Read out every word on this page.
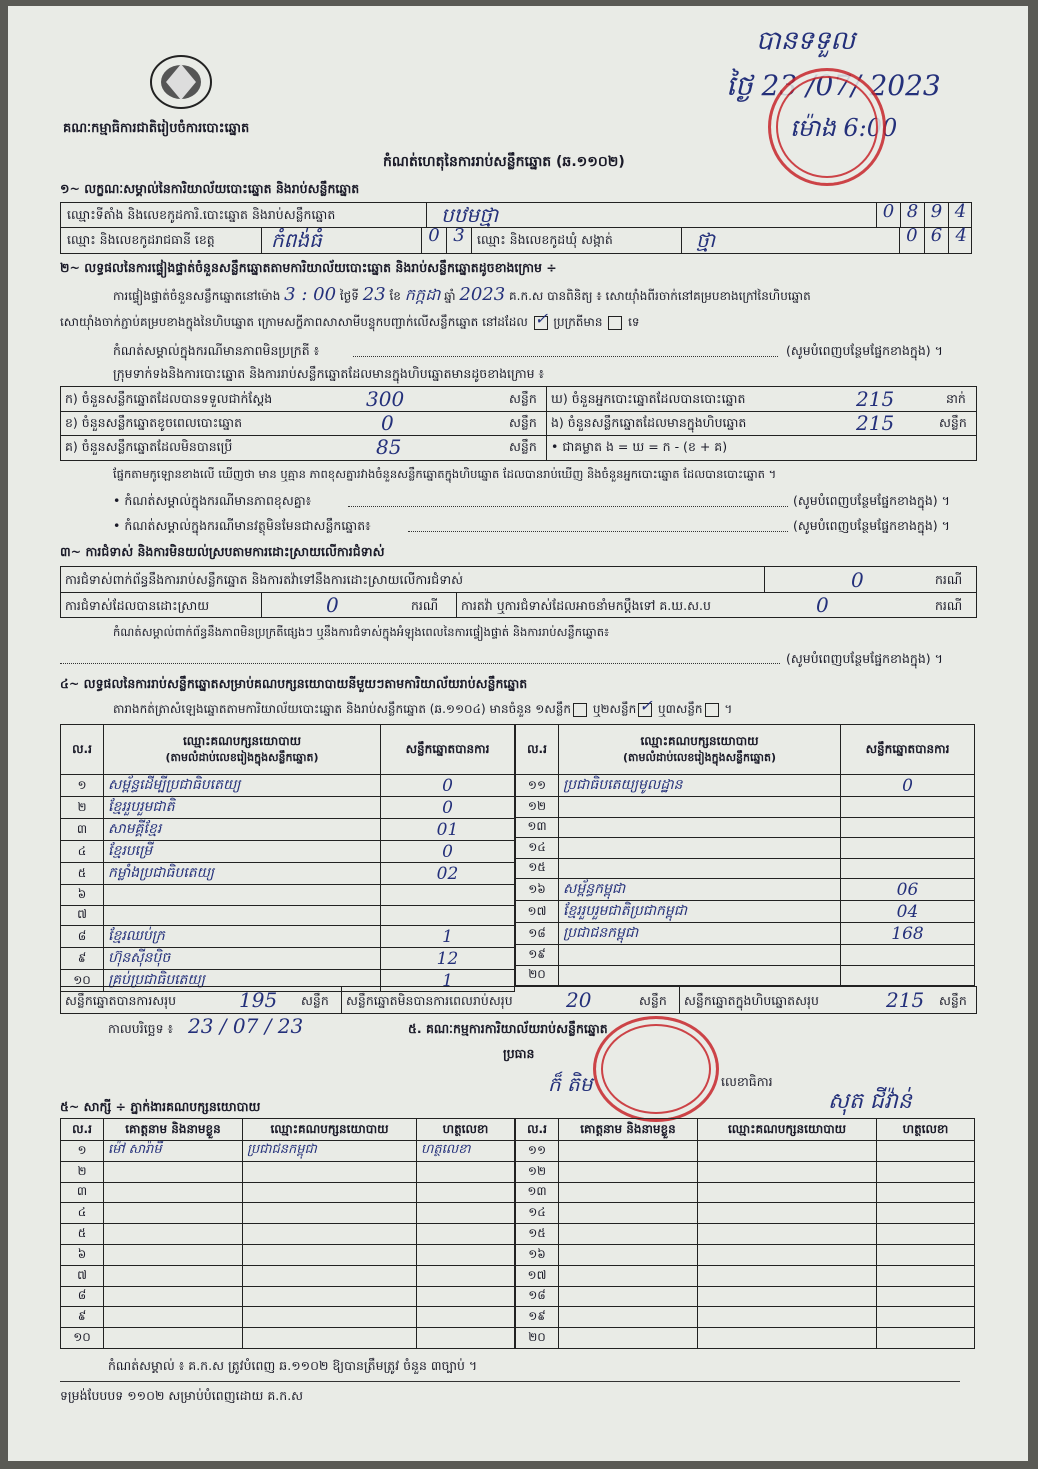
គណៈកម្មាធិការជាតិរៀបចំការបោះឆ្នោត
កំណត់ហេតុនៃការរាប់សន្លឹកឆ្នោត (ឆ.១១០២)
បានទទួល
ថ្ងៃ 23 /07/ 2023
ម៉ោង 6:00
១~ លក្ខណៈសម្គាល់នៃការិយាល័យបោះឆ្នោត និងរាប់សន្លឹកឆ្នោត
ឈ្មោះទីតាំង និងលេខកូដការិ.បោះឆ្នោត និងរាប់សន្លឹកឆ្នោត	បឋមថ្មា	0 8 9 4
ឈ្មោះ និងលេខកូដរាជធានី ខេត្ត	កំពង់ធំ	0 3 ឈ្មោះ និងលេខកូដឃុំ សង្កាត់	ថ្មា	0 6 4
២~ លទ្ធផលនៃការផ្ទៀងផ្ទាត់ចំនួនសន្លឹកឆ្នោតតាមការិយាល័យបោះឆ្នោត និងរាប់សន្លឹកឆ្នោតដូចខាងក្រោម ÷
ការផ្ទៀងផ្ទាត់ចំនួនសន្លឹកឆ្នោតនៅម៉ោង 3 : 00 ថ្ងៃទី 23 ខែ កក្កដា ឆ្នាំ 2023 គ.ក.ស បានពិនិត្យ ៖ សោយ៉ាំងពីរចាក់នៅគម្របខាងក្រៅនៃហិបឆ្នោត
សោយ៉ាំងចាក់ភ្ជាប់គម្របខាងក្នុងនៃហិបឆ្នោត ក្រោមសក្ខីភាពសាសាមីបន្ទុកបញ្ជាក់លើសន្លឹកឆ្នោត នៅដដែល ✓ ប្រក្រតីមាន ទេ
កំណត់សម្គាល់ក្នុងករណីមានភាពមិនប្រក្រតី ៖	(សូមបំពេញបន្ថែមផ្នែកខាងក្នុង) ។
ក្រុមទាក់ទងនិងការបោះឆ្នោត និងការរាប់សន្លឹកឆ្នោតដែលមានក្នុងហិបឆ្នោតមានដូចខាងក្រោម ៖
ក) ចំនួនសន្លឹកឆ្នោតដែលបានទទួលជាក់ស្តែង	300	សន្លឹក ឃ) ចំនួនអ្នកបោះឆ្នោតដែលបានបោះឆ្នោត	215	នាក់
ខ) ចំនួនសន្លឹកឆ្នោតខូចពេលបោះឆ្នោត	0	សន្លឹក ង) ចំនួនសន្លឹកឆ្នោតដែលមានក្នុងហិបឆ្នោត	215	សន្លឹក
គ) ចំនួនសន្លឹកឆ្នោតដែលមិនបានប្រើ	85	សន្លឹក • ជាគម្លាត ង = ឃ = ក - (ខ + គ)
ផ្នែកតាមកូឡោនខាងលើ ឃើញថា មាន ឬគ្មាន ភាពខុសគ្នារវាងចំនួនសន្លឹកឆ្នោតក្នុងហិបឆ្នោត ដែលបានរាប់ឃើញ និងចំនួនអ្នកបោះឆ្នោត ដែលបានបោះឆ្នោត ។
• កំណត់សម្គាល់ក្នុងករណីមានភាពខុសគ្នា៖	(សូមបំពេញបន្ថែមផ្នែកខាងក្នុង) ។
• កំណត់សម្គាល់ក្នុងករណីមានវត្ថុមិនមែនជាសន្លឹកឆ្នោត៖	(សូមបំពេញបន្ថែមផ្នែកខាងក្នុង) ។
៣~ ការជំទាស់ និងការមិនយល់ស្របតាមការដោះស្រាយលើការជំទាស់
ការជំទាស់ពាក់ព័ន្ធនឹងការរាប់សន្លឹកឆ្នោត និងការតវ៉ាទៅនឹងការដោះស្រាយលើការជំទាស់	0	ករណី
ការជំទាស់ដែលបានដោះស្រាយ	0	ករណី ការតវ៉ា ឬការជំទាស់ដែលអាចនាំមកប្តឹងទៅ គ.ឃ.ស.ប	0	ករណី
កំណត់សម្គាល់ពាក់ព័ន្ធនឹងភាពមិនប្រក្រតីផ្សេងៗ ឬនឹងការជំទាស់ក្នុងអំឡុងពេលនៃការផ្ទៀងផ្ទាត់ និងការរាប់សន្លឹកឆ្នោត៖
(សូមបំពេញបន្ថែមផ្នែកខាងក្នុង) ។
៤~ លទ្ធផលនៃការរាប់សន្លឹកឆ្នោតសម្រាប់គណបក្សនយោបាយនីមួយៗតាមការិយាល័យរាប់សន្លឹកឆ្នោត
តារាងកត់ត្រាសំឡេងឆ្នោតតាមការិយាល័យបោះឆ្នោត និងរាប់សន្លឹកឆ្នោត (ឆ.១១០៤) មានចំនួន ១សន្លឹក ឬ២សន្លឹក ✓ ឬ៣សន្លឹក ។
ល.រ	ឈ្មោះគណបក្សនយោបាយ
(តាមលំដាប់លេខរៀងក្នុងសន្លឹកឆ្នោត)	សន្លឹកឆ្នោតបានការ
១	សម្ព័ន្ធដើម្បីប្រជាធិបតេយ្យ	0
២	ខ្មែររួបរួមជាតិ	0
៣	សាមគ្គីខ្មែរ	01
៤	ខ្មែរបម្រើ	0
៥	កម្លាំងប្រជាធិបតេយ្យ	02
៦		
៧		
៨	ខ្មែរឈប់ក្រ	1
៩	ហ៊ុនស៊ីនប៉ិច	12
១០	គ្រប់ប្រជាធិបតេយ្យ	1
ល.រ	ឈ្មោះគណបក្សនយោបាយ
(តាមលំដាប់លេខរៀងក្នុងសន្លឹកឆ្នោត)	សន្លឹកឆ្នោតបានការ
១១	ប្រជាធិបតេយ្យមូលដ្ឋាន	0
១២		
១៣		
១៤		
១៥		
១៦	សម្ព័ន្ធកម្ពុជា	06
១៧	ខ្មែររួបរួមជាតិប្រជាកម្ពុជា	04
១៨	ប្រជាជនកម្ពុជា	168
១៩		
២០		
សន្លឹកឆ្នោតបានការសរុប	195 សន្លឹក សន្លឹកឆ្នោតមិនបានការពេលរាប់សរុប	20	សន្លឹក សន្លឹកឆ្នោតក្នុងហិបឆ្នោតសរុប	215 សន្លឹក
កាលបរិច្ឆេទ ៖ 23 / 07 / 23	៥. គណៈកម្មការការិយាល័យរាប់សន្លឹកឆ្នោត
ប្រធាន
ក៏ តិម	លេខាធិការ
សុត ជីវ៉ាន់
៥~ សាក្សី ÷ ភ្នាក់ងារគណបក្សនយោបាយ
ល.រ	គោត្តនាម និងនាមខ្លួន	ឈ្មោះគណបក្សនយោបាយ	ហត្ថលេខា
១	ម៉ៅ សារ៉ាមី	ប្រជាជនកម្ពុជា	ហត្ថលេខា
២			
៣			
៤			
៥			
៦			
៧			
៨			
៩			
១០			
ល.រ	គោត្តនាម និងនាមខ្លួន	ឈ្មោះគណបក្សនយោបាយ	ហត្ថលេខា
១១			
១២			
១៣			
១៤			
១៥			
១៦			
១៧			
១៨			
១៩			
២០			
កំណត់សម្គាល់ ៖ គ.ក.ស ត្រូវបំពេញ ឆ.១១០២ ឱ្យបានត្រឹមត្រូវ ចំនួន ៣ច្បាប់ ។
ទម្រង់បែបបទ ១១០២ សម្រាប់បំពេញដោយ គ.ក.ស
